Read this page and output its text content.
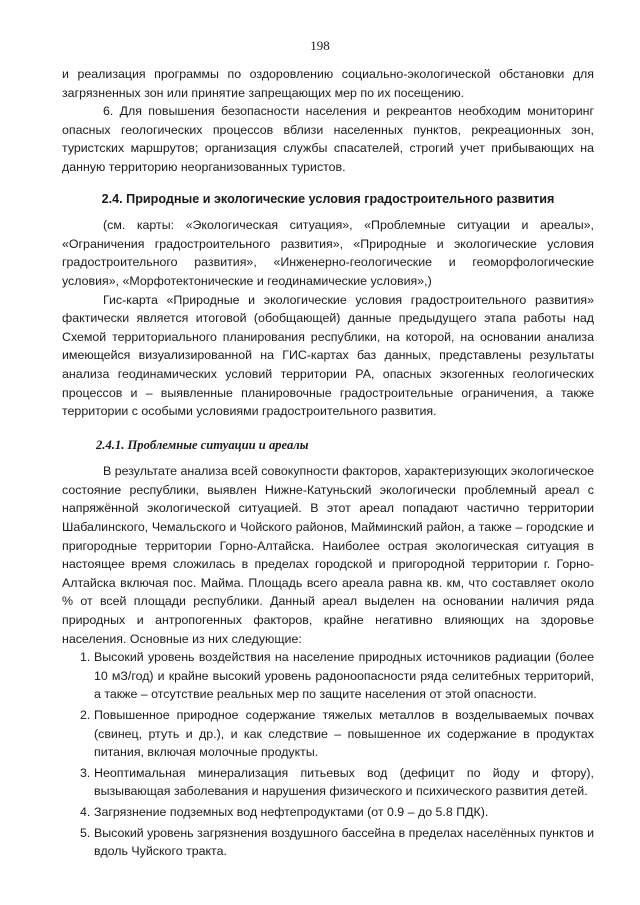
198

и реализация программы по оздоровлению социально-экологической обстановки для загрязненных зон или принятие запрещающих мер по их посещению.

6. Для повышения безопасности населения и рекреантов необходим мониторинг опасных геологических процессов вблизи населенных пунктов, рекреационных зон, туристских маршрутов; организация службы спасателей, строгий учет прибывающих на данную территорию неорганизованных туристов.

2.4. Природные и экологические условия градостроительного развития

(см. карты: «Экологическая ситуация», «Проблемные ситуации и ареалы», «Ограничения градостроительного развития», «Природные и экологические условия градостроительного развития», «Инженерно-геологические и геоморфологические условия», «Морфотектонические и геодинамические условия»,)

Гис-карта «Природные и экологические условия градостроительного развития» фактически является итоговой (обобщающей) данные предыдущего этапа работы над Схемой территориального планирования республики, на которой, на основании анализа имеющейся визуализированной на ГИС-картах баз данных, представлены результаты анализа геодинамических условий территории РА, опасных экзогенных геологических процессов и – выявленные планировочные градостроительные ограничения, а также территории с особыми условиями градостроительного развития.

2.4.1. Проблемные ситуации и ареалы

В результате анализа всей совокупности факторов, характеризующих экологическое состояние республики, выявлен Нижне-Катуньский экологически проблемный ареал с напряжённой экологической ситуацией. В этот ареал попадают частично территории Шабалинского, Чемальского и Чойского районов, Майминский район, а также – городские и пригородные территории Горно-Алтайска. Наиболее острая экологическая ситуация в настоящее время сложилась в пределах городской и пригородной территории г. Горно-Алтайска включая пос. Майма. Площадь всего ареала равна кв. км, что составляет около % от всей площади республики. Данный ареал выделен на основании наличия ряда природных и антропогенных факторов, крайне негативно влияющих на здоровье населения. Основные из них следующие:

1. Высокий уровень воздействия на население природных источников радиации (более 10 мЗ/год) и крайне высокий уровень радоноопасности ряда селитебных территорий, а также – отсутствие реальных мер по защите населения от этой опасности.
2. Повышенное природное содержание тяжелых металлов в возделываемых почвах (свинец, ртуть и др.), и как следствие – повышенное их содержание в продуктах питания, включая молочные продукты.
3. Неоптимальная минерализация питьевых вод (дефицит по йоду и фтору), вызывающая заболевания и нарушения физического и психического развития детей.
4. Загрязнение подземных вод нефтепродуктами (от 0.9 – до 5.8 ПДК).
5. Высокий уровень загрязнения воздушного бассейна в пределах населённых пунктов и вдоль Чуйского тракта.
